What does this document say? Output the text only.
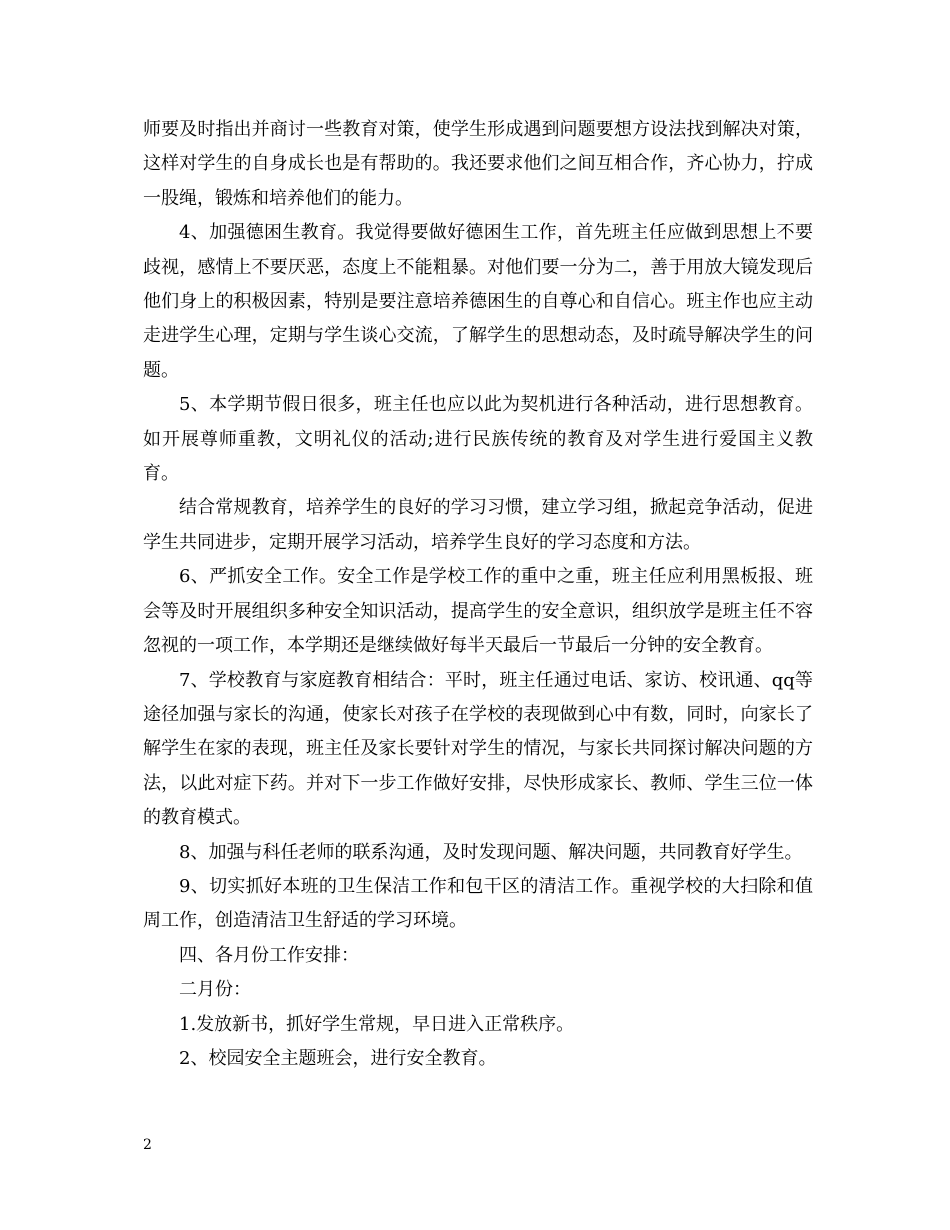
师要及时指出并商讨一些教育对策，使学生形成遇到问题要想方设法找到解决对策，这样对学生的自身成长也是有帮助的。我还要求他们之间互相合作，齐心协力，拧成一股绳，锻炼和培养他们的能力。

4、加强德困生教育。我觉得要做好德困生工作，首先班主任应做到思想上不要歧视，感情上不要厌恶，态度上不能粗暴。对他们要一分为二，善于用放大镜发现后他们身上的积极因素，特别是要注意培养德困生的自尊心和自信心。班主作也应主动走进学生心理，定期与学生谈心交流，了解学生的思想动态，及时疏导解决学生的问题。

5、本学期节假日很多，班主任也应以此为契机进行各种活动，进行思想教育。如开展尊师重教，文明礼仪的活动;进行民族传统的教育及对学生进行爱国主义教育。

结合常规教育，培养学生的良好的学习习惯，建立学习组，掀起竞争活动，促进学生共同进步，定期开展学习活动，培养学生良好的学习态度和方法。

6、严抓安全工作。安全工作是学校工作的重中之重，班主任应利用黑板报、班会等及时开展组织多种安全知识活动，提高学生的安全意识，组织放学是班主任不容忽视的一项工作，本学期还是继续做好每半天最后一节最后一分钟的安全教育。

7、学校教育与家庭教育相结合：平时，班主任通过电话、家访、校讯通、qq等途径加强与家长的沟通，使家长对孩子在学校的表现做到心中有数，同时，向家长了解学生在家的表现，班主任及家长要针对学生的情况，与家长共同探讨解决问题的方法，以此对症下药。并对下一步工作做好安排，尽快形成家长、教师、学生三位一体的教育模式。

8、加强与科任老师的联系沟通，及时发现问题、解决问题，共同教育好学生。

9、切实抓好本班的卫生保洁工作和包干区的清洁工作。重视学校的大扫除和值周工作，创造清洁卫生舒适的学习环境。

四、各月份工作安排：

二月份：

1.发放新书，抓好学生常规，早日进入正常秩序。

2、校园安全主题班会，进行安全教育。

2
